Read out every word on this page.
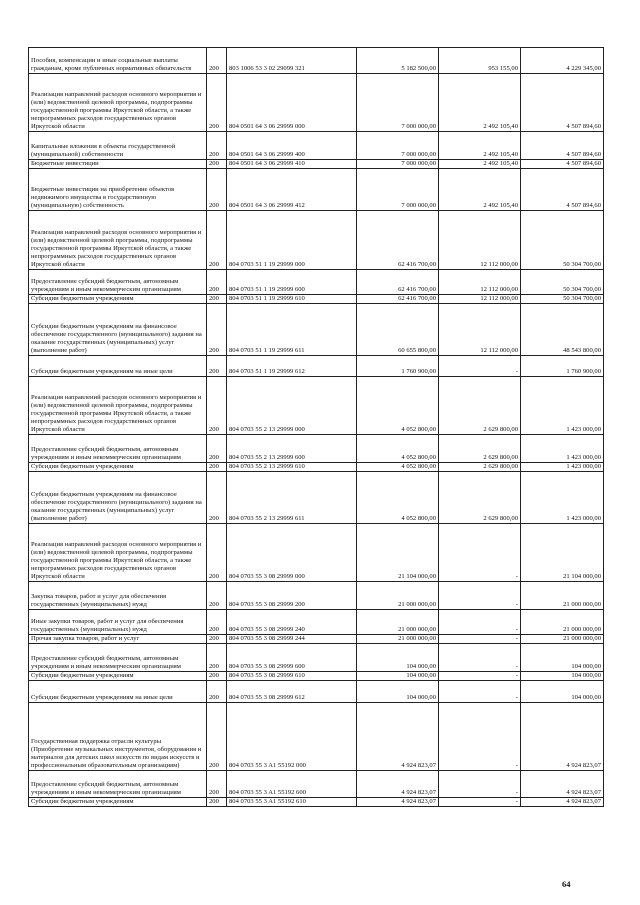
Пособия, компенсации и иные социальные выплаты гражданам, кроме публичных нормативных обязательств	200	803 1006 53 3 02 29099 321	5 182 500,00	953 155,00	4 229 345,00
Реализация направлений расходов основного мероприятия и (или) ведомственной целевой программы, подпрограммы государственной программы Иркутской области, а также непрограммных расходов государственных органов Иркутской области	200	804 0501 64 3 06 29999 000	7 000 000,00	2 492 105,40	4 507 894,60
Капитальные вложения в объекты государственной (муниципальной) собственности	200	804 0501 64 3 06 29999 400	7 000 000,00	2 492 105,40	4 507 894,60
Бюджетные инвестиции	200	804 0501 64 3 06 29999 410	7 000 000,00	2 492 105,40	4 507 894,60
Бюджетные инвестиции на приобретение объектов недвижимого имущества в государственную (муниципальную) собственность	200	804 0501 64 3 06 29999 412	7 000 000,00	2 492 105,40	4 507 894,60
Реализация направлений расходов основного мероприятия и (или) ведомственной целевой программы, подпрограммы государственной программы Иркутской области, а также непрограммных расходов государственных органов Иркутской области	200	804 0703 51 1 19 29999 000	62 416 700,00	12 112 000,00	50 304 700,00
Предоставление субсидий бюджетным, автономным учреждениям и иным некоммерческим организациям	200	804 0703 51 1 19 29999 600	62 416 700,00	12 112 000,00	50 304 700,00
Субсидии бюджетным учреждениям	200	804 0703 51 1 19 29999 610	62 416 700,00	12 112 000,00	50 304 700,00
Субсидии бюджетным учреждениям на финансовое обеспечение государственного (муниципального) задания на оказание государственных (муниципальных) услуг (выполнение работ)	200	804 0703 51 1 19 29999 611	60 655 800,00	12 112 000,00	48 543 800,00
Субсидии бюджетным учреждениям на иные цели	200	804 0703 51 1 19 29999 612	1 760 900,00	-	1 760 900,00
Реализация направлений расходов основного мероприятия и (или) ведомственной целевой программы, подпрограммы государственной программы Иркутской области, а также непрограммных расходов государственных органов Иркутской области	200	804 0703 55 2 13 29999 000	4 052 800,00	2 629 800,00	1 423 000,00
Предоставление субсидий бюджетным, автономным учреждениям и иным некоммерческим организациям	200	804 0703 55 2 13 29999 600	4 052 800,00	2 629 800,00	1 423 000,00
Субсидии бюджетным учреждениям	200	804 0703 55 2 13 29999 610	4 052 800,00	2 629 800,00	1 423 000,00
Субсидии бюджетным учреждениям на финансовое обеспечение государственного (муниципального) задания на оказание государственных (муниципальных) услуг (выполнение работ)	200	804 0703 55 2 13 29999 611	4 052 800,00	2 629 800,00	1 423 000,00
Реализация направлений расходов основного мероприятия и (или) ведомственной целевой программы, подпрограммы государственной программы Иркутской области, а также непрограммных расходов государственных органов Иркутской области	200	804 0703 55 3 08 29999 000	21 104 000,00	-	21 104 000,00
Закупка товаров, работ и услуг для обеспечения государственных (муниципальных) нужд	200	804 0703 55 3 08 29999 200	21 000 000,00	-	21 000 000,00
Иные закупки товаров, работ и услуг для обеспечения государственных (муниципальных) нужд	200	804 0703 55 3 08 29999 240	21 000 000,00	-	21 000 000,00
Прочая закупка товаров, работ и услуг	200	804 0703 55 3 08 29999 244	21 000 000,00	-	21 000 000,00
Предоставление субсидий бюджетным, автономным учреждениям и иным некоммерческим организациям	200	804 0703 55 3 08 29999 600	104 000,00	-	104 000,00
Субсидии бюджетным учреждениям	200	804 0703 55 3 08 29999 610	104 000,00	-	104 000,00
Субсидии бюджетным учреждениям на иные цели	200	804 0703 55 3 08 29999 612	104 000,00	-	104 000,00
Государственная поддержка отрасли культуры (Приобретение музыкальных инструментов, оборудования и материалов для детских школ искусств по видам искусств и профессиональным образовательным организациям)	200	804 0703 55 3 A1 55192 000	4 924 823,07	-	4 924 823,07
Предоставление субсидий бюджетным, автономным учреждениям и иным некоммерческим организациям	200	804 0703 55 3 A1 55192 600	4 924 823,07	-	4 924 823,07
Субсидии бюджетным учреждениям	200	804 0703 55 3 A1 55192 610	4 924 823,07	-	4 924 823,07
64
